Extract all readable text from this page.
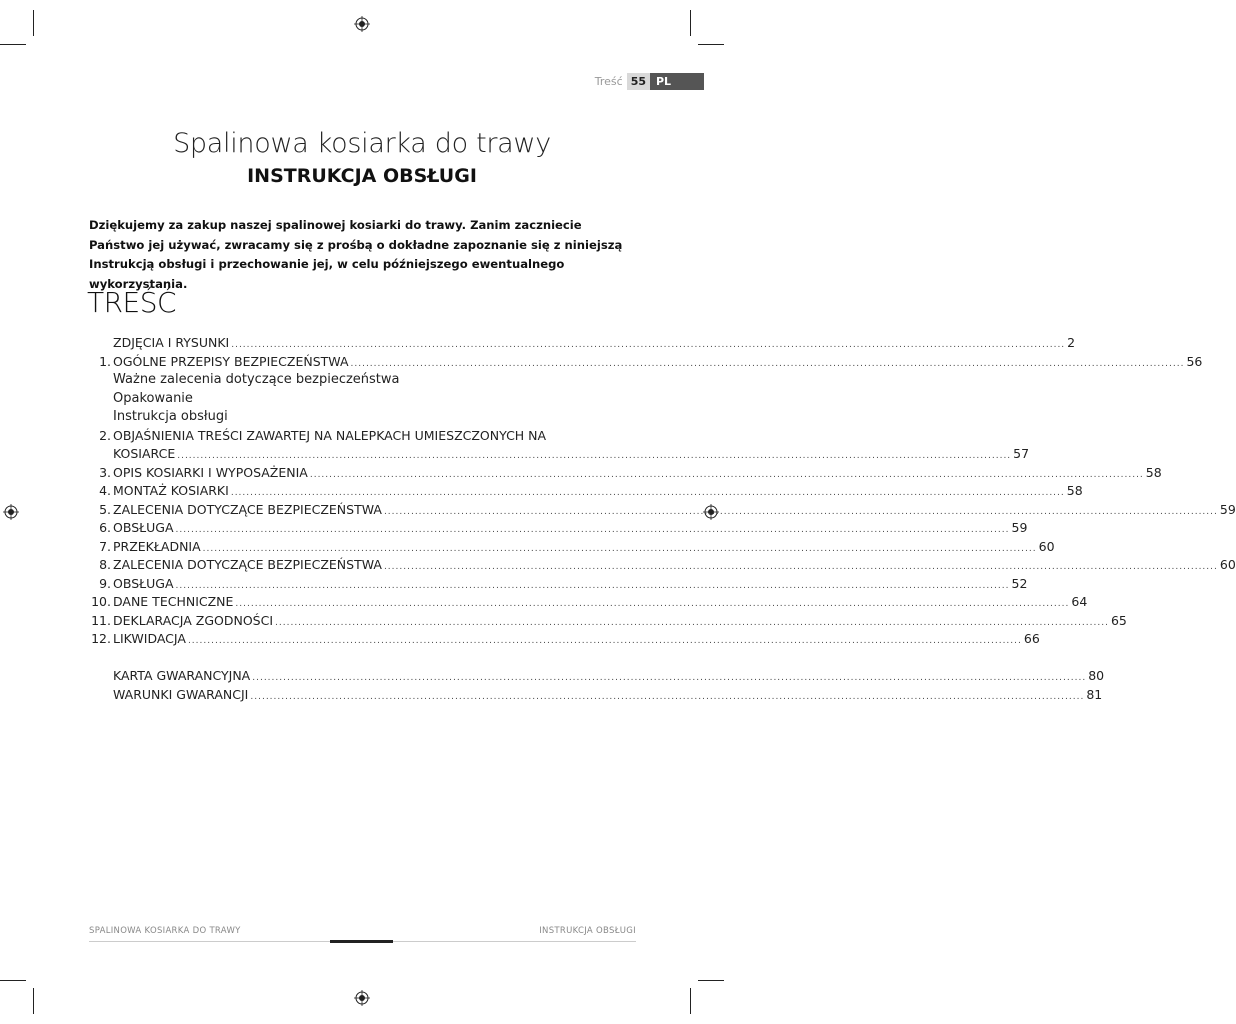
Treść 55 PL
Spalinowa kosiarka do trawy
INSTRUKCJA OBSŁUGI
Dziękujemy za zakup naszej spalinowej kosiarki do trawy. Zanim zaczniecie Państwo jej używać, zwracamy się z prośbą o dokładne zapoznanie się z niniejszą Instrukcją obsługi i przechowanie jej, w celu późniejszego ewentualnego wykorzystania.
TREŚĆ
ZDJĘCIA I RYSUNKI ........................................................................................................................................................................................................................ 2
1. OGÓLNE PRZEPISY BEZPIECZEŃSTWA ........................................................................................................................................................................................................................ 56
Ważne zalecenia dotyczące bezpieczeństwa
Opakowanie
Instrukcja obsługi
2. OBJAŚNIENIA TREŚCI ZAWARTEJ NA NALEPKACH UMIESZCZONYCH NA
KOSIARCE ........................................................................................................................................................................................................................ 57
3. OPIS KOSIARKI I WYPOSAŻENIA ........................................................................................................................................................................................................................ 58
4. MONTAŻ KOSIARKI ........................................................................................................................................................................................................................ 58
5. ZALECENIA DOTYCZĄCE BEZPIECZEŃSTWA ........................................................................................................................................................................................................................ 59
6. OBSŁUGA ........................................................................................................................................................................................................................ 59
7. PRZEKŁADNIA ........................................................................................................................................................................................................................ 60
8. ZALECENIA DOTYCZĄCE BEZPIECZEŃSTWA ........................................................................................................................................................................................................................ 60
9. OBSŁUGA ........................................................................................................................................................................................................................ 52
10. DANE TECHNICZNE ........................................................................................................................................................................................................................ 64
11. DEKLARACJA ZGODNOŚCI ........................................................................................................................................................................................................................ 65
12. LIKWIDACJA ........................................................................................................................................................................................................................ 66
KARTA GWARANCYJNA ........................................................................................................................................................................................................................ 80
WARUNKI GWARANCJI ........................................................................................................................................................................................................................ 81
SPALINOWA KOSIARKA DO TRAWY	INSTRUKCJA OBSŁUGI
